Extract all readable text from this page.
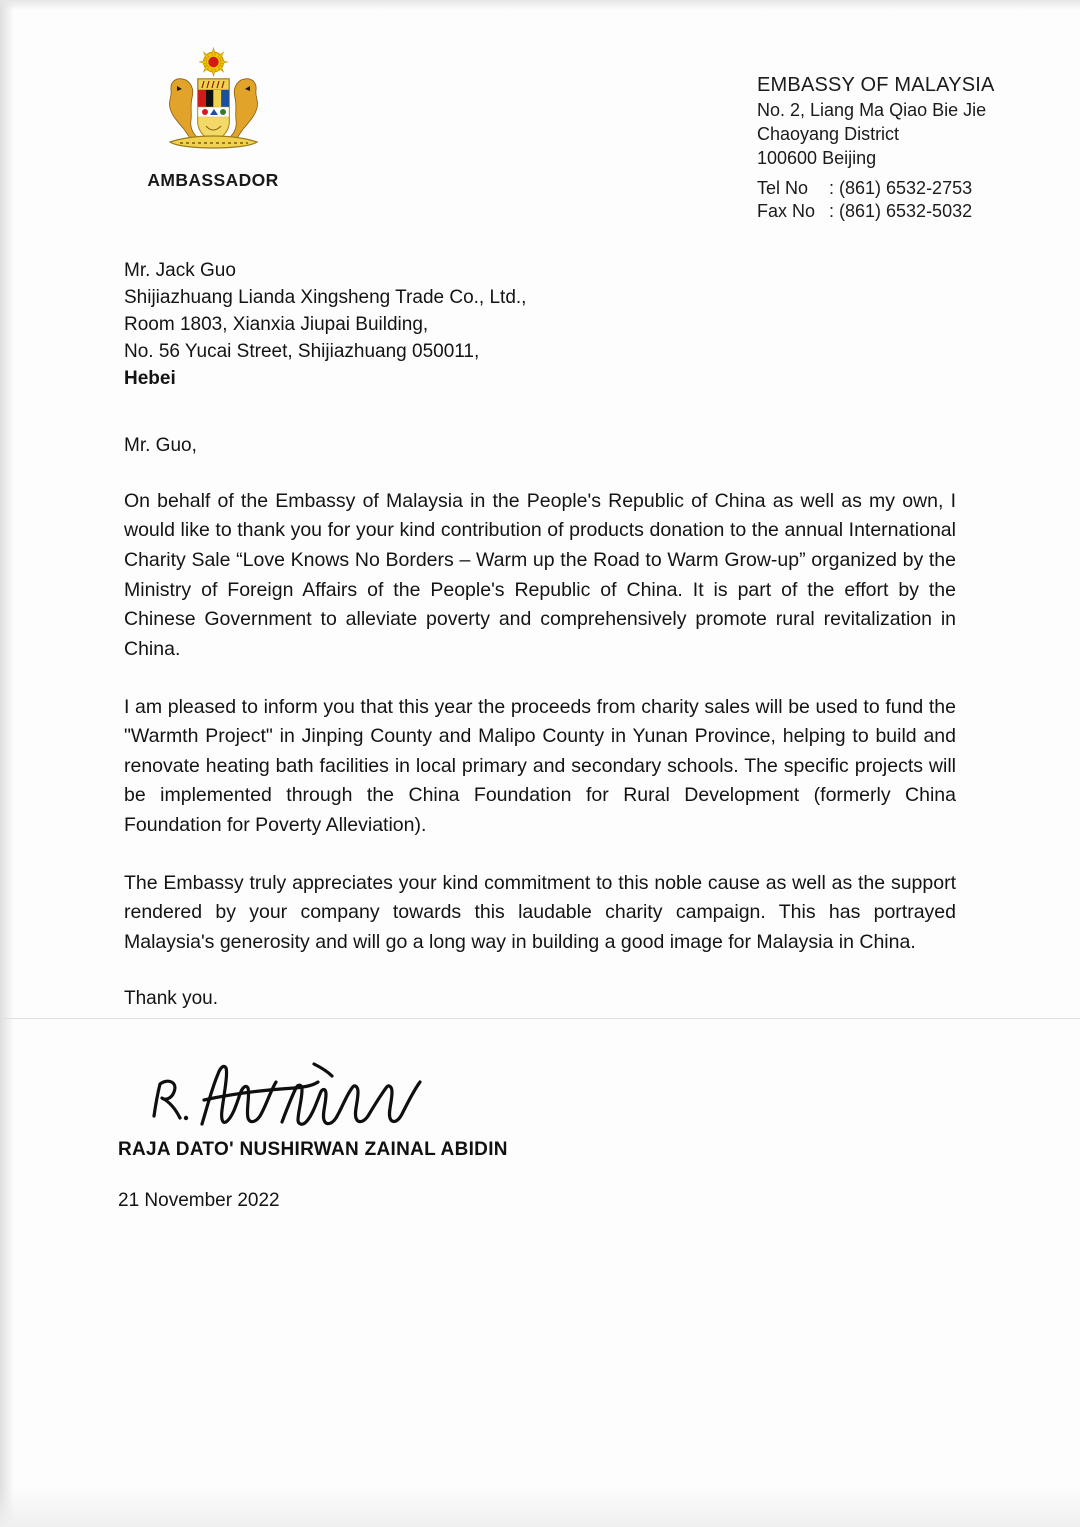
AMBASSADOR
EMBASSY OF MALAYSIA
No. 2, Liang Ma Qiao Bie Jie
Chaoyang District
100600 Beijing
Tel No	: (861) 6532-2753
Fax No : (861) 6532-5032
Mr. Jack Guo
Shijiazhuang Lianda Xingsheng Trade Co., Ltd.,
Room 1803, Xianxia Jiupai Building,
No. 56 Yucai Street, Shijiazhuang 050011,
Hebei
Mr. Guo,
On behalf of the Embassy of Malaysia in the People's Republic of China as well as my own, I would like to thank you for your kind contribution of products donation to the annual International Charity Sale “Love Knows No Borders – Warm up the Road to Warm Grow-up” organized by the Ministry of Foreign Affairs of the People's Republic of China. It is part of the effort by the Chinese Government to alleviate poverty and comprehensively promote rural revitalization in China.
I am pleased to inform you that this year the proceeds from charity sales will be used to fund the "Warmth Project" in Jinping County and Malipo County in Yunan Province, helping to build and renovate heating bath facilities in local primary and secondary schools. The specific projects will be implemented through the China Foundation for Rural Development (formerly China Foundation for Poverty Alleviation).
The Embassy truly appreciates your kind commitment to this noble cause as well as the support rendered by your company towards this laudable charity campaign. This has portrayed Malaysia's generosity and will go a long way in building a good image for Malaysia in China.
Thank you.
RAJA DATO' NUSHIRWAN ZAINAL ABIDIN
21 November 2022
